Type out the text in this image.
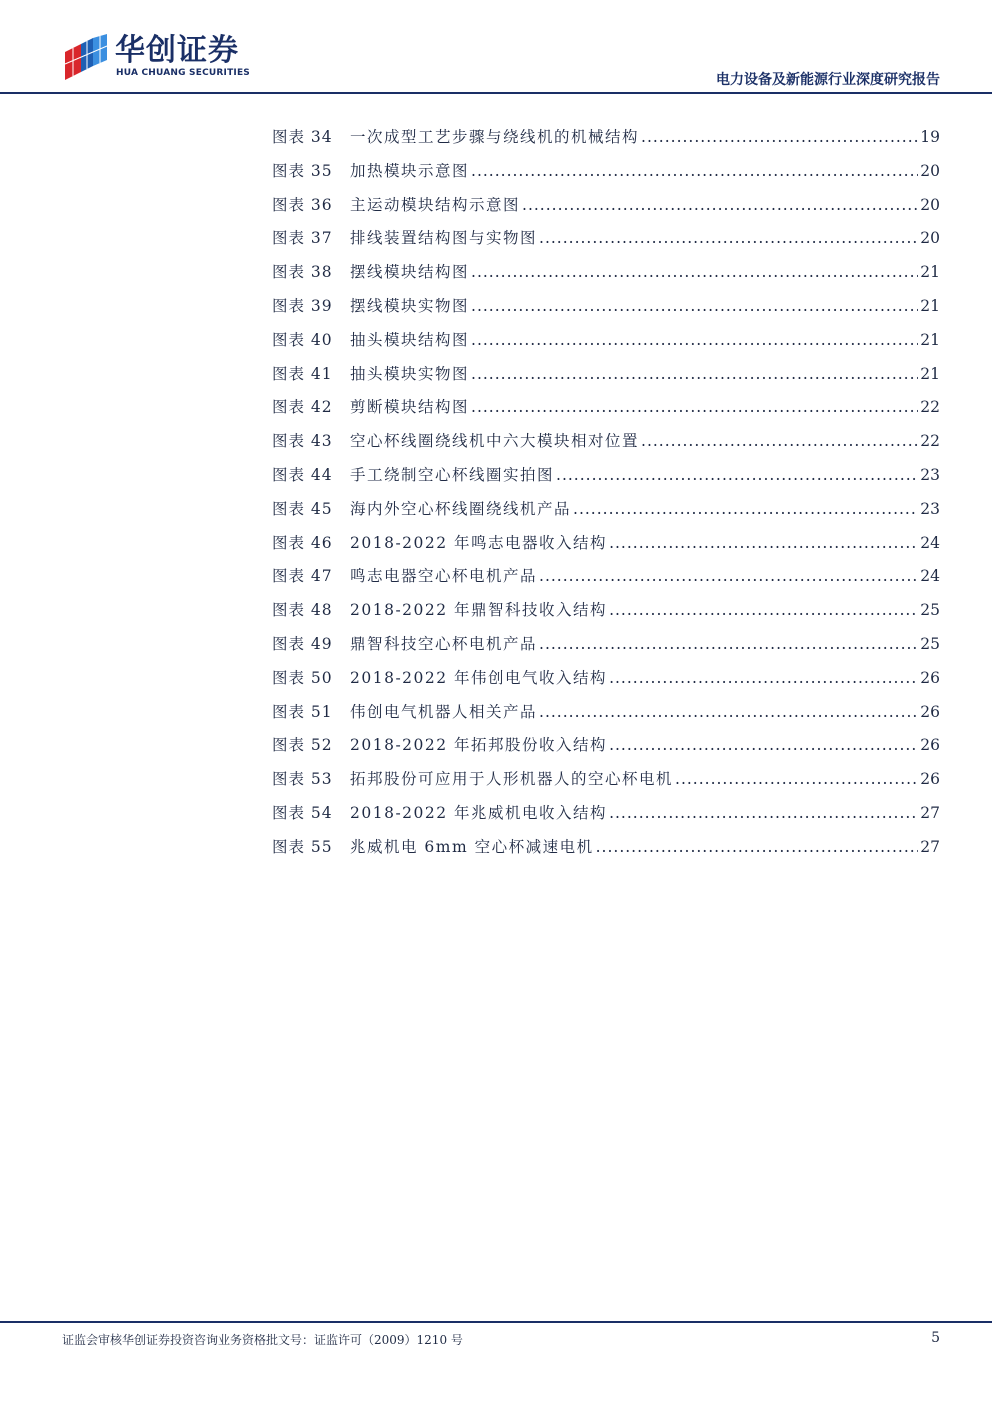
华创证券
HUA CHUANG SECURITIES	电力设备及新能源行业深度研究报告
图表 34	一次成型工艺步骤与绕线机的机械结构 .....	19
图表 35	加热模块示意图 .....	20
图表 36	主运动模块结构示意图 .....	20
图表 37	排线装置结构图与实物图 .....	20
图表 38	摆线模块结构图 .....	21
图表 39	摆线模块实物图 .....	21
图表 40	抽头模块结构图 .....	21
图表 41	抽头模块实物图 .....	21
图表 42	剪断模块结构图 .....	22
图表 43	空心杯线圈绕线机中六大模块相对位置 .....	22
图表 44	手工绕制空心杯线圈实拍图 .....	23
图表 45	海内外空心杯线圈绕线机产品 .....	23
图表 46	2018-2022 年鸣志电器收入结构 .....	24
图表 47	鸣志电器空心杯电机产品 .....	24
图表 48	2018-2022 年鼎智科技收入结构 .....	25
图表 49	鼎智科技空心杯电机产品 .....	25
图表 50	2018-2022 年伟创电气收入结构 .....	26
图表 51	伟创电气机器人相关产品 .....	26
图表 52	2018-2022 年拓邦股份收入结构 .....	26
图表 53	拓邦股份可应用于人形机器人的空心杯电机 .....	26
图表 54	2018-2022 年兆威机电收入结构 .....	27
图表 55	兆威机电 6mm 空心杯减速电机 .....	27
证监会审核华创证券投资咨询业务资格批文号：证监许可（2009）1210 号	5
